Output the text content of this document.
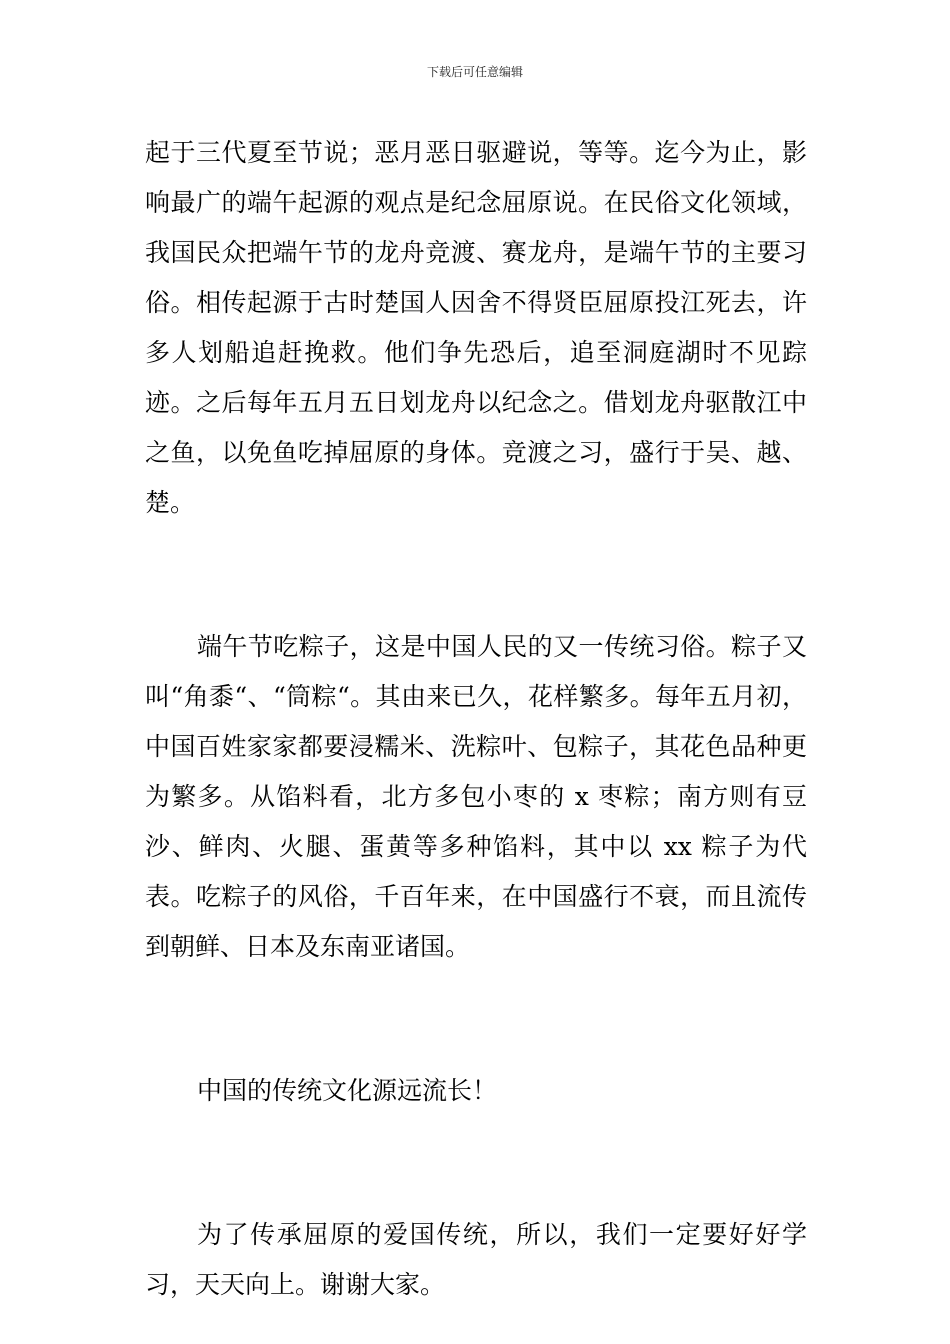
下载后可任意编辑

起于三代夏至节说；恶月恶日驱避说，等等。迄今为止，影响最广的端午起源的观点是纪念屈原说。在民俗文化领域，我国民众把端午节的龙舟竞渡、赛龙舟，是端午节的主要习俗。相传起源于古时楚国人因舍不得贤臣屈原投江死去，许多人划船追赶挽救。他们争先恐后，追至洞庭湖时不见踪迹。之后每年五月五日划龙舟以纪念之。借划龙舟驱散江中之鱼，以免鱼吃掉屈原的身体。竞渡之习，盛行于吴、越、楚。

端午节吃粽子，这是中国人民的又一传统习俗。粽子又叫“角黍“、“筒粽“。其由来已久，花样繁多。每年五月初，中国百姓家家都要浸糯米、洗粽叶、包粽子，其花色品种更为繁多。从馅料看，北方多包小枣的 x 枣粽；南方则有豆沙、鲜肉、火腿、蛋黄等多种馅料，其中以 xx 粽子为代表。吃粽子的风俗，千百年来，在中国盛行不衰，而且流传到朝鲜、日本及东南亚诸国。

中国的传统文化源远流长！

为了传承屈原的爱国传统，所以，我们一定要好好学习，天天向上。谢谢大家。
